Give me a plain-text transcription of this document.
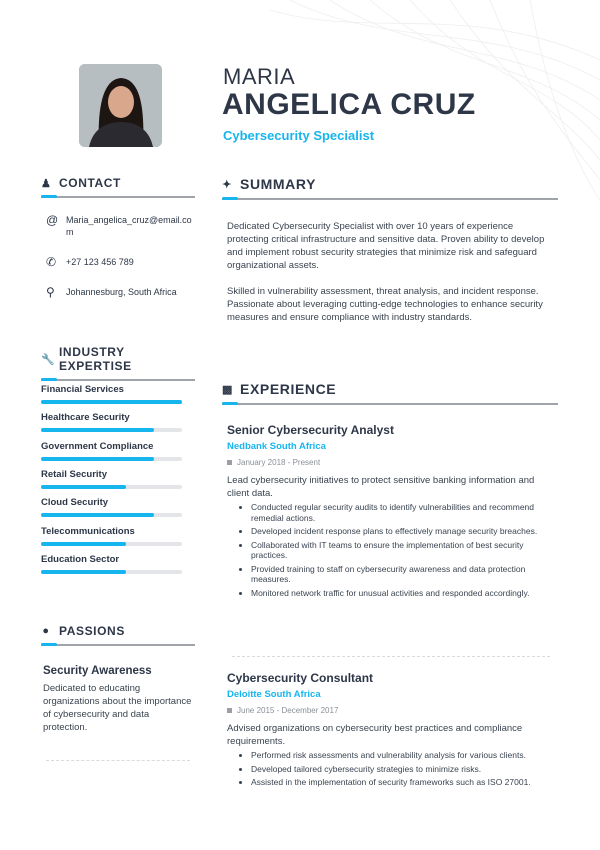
MARIA
ANGELICA CRUZ
Cybersecurity Specialist
♟ CONTACT
@ Maria_angelica_cruz@email.com
✆ +27 123 456 789
⚲	Johannesburg, South Africa
🔧
INDUSTRY EXPERTISE
Financial Services
Healthcare Security
Government Compliance
Retail Security
Cloud Security
Telecommunications
Education Sector
● PASSIONS
Security Awareness

Dedicated to educating organizations about the importance of cybersecurity and data protection.

✦ SUMMARY

Dedicated Cybersecurity Specialist with over 10 years of experience protecting critical infrastructure and sensitive data. Proven ability to develop and implement robust security strategies that minimize risk and safeguard organizational assets.

Skilled in vulnerability assessment, threat analysis, and incident response. Passionate about leveraging cutting-edge technologies to enhance security measures and ensure compliance with industry standards.

▩ EXPERIENCE
Senior Cybersecurity Analyst
Nedbank South Africa
January 2018 - Present

Lead cybersecurity initiatives to protect sensitive banking information and client data.

• Conducted regular security audits to identify vulnerabilities and recommend remedial actions.
• Developed incident response plans to effectively manage security breaches.
• Collaborated with IT teams to ensure the implementation of best security practices.
• Provided training to staff on cybersecurity awareness and data protection measures.
• Monitored network traffic for unusual activities and responded accordingly.
Cybersecurity Consultant
Deloitte South Africa
June 2015 - December 2017

Advised organizations on cybersecurity best practices and compliance requirements.

• Performed risk assessments and vulnerability analysis for various clients.
• Developed tailored cybersecurity strategies to minimize risks.
• Assisted in the implementation of security frameworks such as ISO 27001.
